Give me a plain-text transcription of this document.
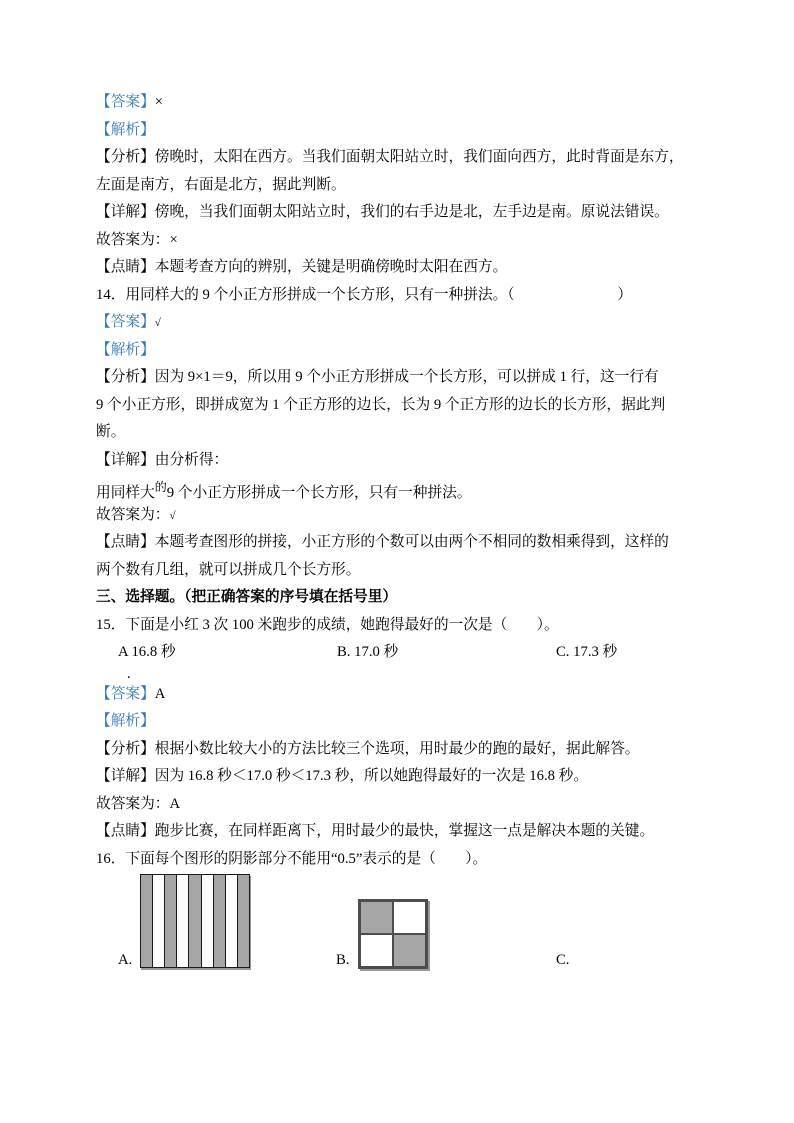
【答案】×
【解析】
【分析】傍晚时，太阳在西方。当我们面朝太阳站立时，我们面向西方，此时背面是东方，
左面是南方，右面是北方，据此判断。
【详解】傍晚，当我们面朝太阳站立时，我们的右手边是北，左手边是南。原说法错误。
故答案为：×
【点睛】本题考查方向的辨别，关键是明确傍晚时太阳在西方。
14．用同样大的 9 个小正方形拼成一个长方形，只有一种拼法。（　　　　　　　）
【答案】√
【解析】
【分析】因为 9×1＝9，所以用 9 个小正方形拼成一个长方形，可以拼成 1 行，这一行有
9 个小正方形，即拼成宽为 1 个正方形的边长，长为 9 个正方形的边长的长方形，据此判
断。
【详解】由分析得：
用同样大$^的$9 个小正方形拼成一个长方形，只有一种拼法。
故答案为：√
【点睛】本题考查图形的拼接，小正方形的个数可以由两个不相同的数相乘得到，这样的
两个数有几组，就可以拼成几个长方形。
三、选择题。（把正确答案的序号填在括号里）
15．下面是小红 3 次 100 米跑步的成绩，她跑得最好的一次是（　　）。

A 16.8 秒

	B. 17.0 秒

	C. 17.3 秒

.
【答案】A
【解析】
【分析】根据小数比较大小的方法比较三个选项，用时最少的跑的最好，据此解答。
【详解】因为 16.8 秒＜17.0 秒＜17.3 秒，所以她跑得最好的一次是 16.8 秒。
故答案为：A
【点睛】跑步比赛，在同样距离下，用时最少的最快，掌握这一点是解决本题的关键。
16．下面每个图形的阴影部分不能用“0.5”表示的是（　　）。
A.	B.	C.
